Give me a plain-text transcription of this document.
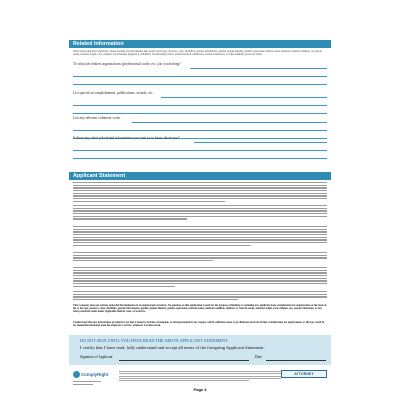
Related Information
When answering these questions, please exclude any information that would reveal age, ancestry, color, disability, genetic information, gender, gender identity, gender expression, marital status, medical condition, military or veteran status, national origin, race, religion, sex (includes pregnancy, childbirth, breastfeeding and/or related medical conditions), sexual orientation, or other similarly protected status.
To what job related organizations (professional, trade, etc.) do you belong?
List special accomplishments, publications, awards, etc.
List any relevant volunteer work.
Is there any other job related information you want us to know about you?
Applicant Statement
This Company does not tolerate unlawful discrimination in its employment practices. No question on this application is used for the purpose of limiting or excluding any applicant from consideration for employment on the basis of his or her age, ancestry, color, disability, genetic information, gender, gender identity, gender expression, marital status, medical condition, military or veteran status, national origin, race, religion, sex, sexual orientation, or any other protected status under applicable federal, state, or local law.
I understand that any information provided by me that is found to be false, incomplete, or misrepresented in any respect, will be sufficient cause to (i) eliminate me from further consideration for employment, or (ii) may result in my immediate discharge from the employer's service, whenever it is discovered.
DO NOT SIGN UNTIL YOU HAVE READ THE ABOVE APPLICANT STATEMENT.
I certify that I have read, fully understand and accept all terms of the foregoing Applicant Statement.
Signature of Applicant	Date
ComplyRight	ATTORNEY
Page 4
